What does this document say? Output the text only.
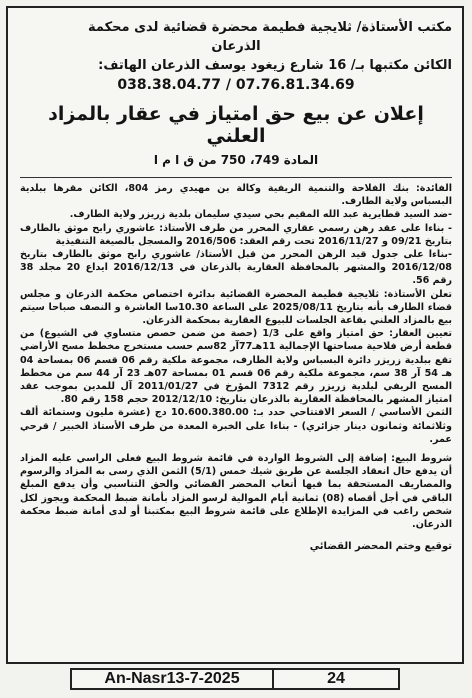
مكتب الأستاذة/ ثلايجية فطيمة محضرة قضائية لدى محكمة
الذرعان
الكائن مكتبها بـ/ 16 شارع زيغود يوسف الذرعان الهاتف:
038.38.04.77 / 07.76.81.34.69
إعلان عن بيع حق امتياز في عقار بالمزاد العلني
المادة 749، 750 من ق ا م ا

الفائدة: بنك الفلاحة والتنمية الريفية وكالة بن مهيدي رمز 804، الكائن مقرها ببلدية البسباس ولاية الطارف.

-ضد السيد قطايرية عبد الله المقيم بحي سيدي سليمان بلدية زريزر ولاية الطارف.

- بناءا على عقد رهن رسمي عقاري المحرر من طرف الأستاذ: عاشوري رابح موثق بالطارف بتاريخ 09/21 و 2016/11/27 تحت رقم العقد: 2016/506 والمسجل بالصيغة التنفيذية

-بناءا على جدول قيد الرهن المحرر من قبل الأستاذ/ عاشوري رابح موثق بالطارف بتاريخ 2016/12/08 والمشهر بالمحافظة العقارية بالذرعان في 2016/12/13 ايداع 20 مجلد 38 رقم 56.

تعلن الأستاذة: ثلايجية فطيمة المحضرة القضائية بدائرة اختصاص محكمة الذرعان و مجلس قضاء الطارف بأنه بتاريخ 2025/08/11 على الساعة 10.30سا العاشرة و النصف صباحا سيتم بيع بالمزاد العلني بقاعة الجلسات للبيوع العقارية بمحكمة الذرعان.

تعيين العقار: حق امتياز واقع على 1/3 (حصة من ضمن حصص متساوي في الشيوع) من قطعة أرض فلاحية مساحتها الإجمالية 11هـ77آر 82سم حسب مستخرج مخطط مسح الأراضي تقع ببلدية زريزر دائرة البسباس ولاية الطارف، مجموعة ملكية رقم 06 قسم 06 بمساحة 04 هـ 54 آر 38 سم، مجموعة ملكية رقم 06 قسم 01 بمساحة 07هـ 23 آر 44 سم من مخطط المسح الريفي لبلدية زريزر رقم 7312 المؤرخ في 2011/01/27 آل للمدين بموجب عقد امتياز المشهر بالمحافظة العقارية بالذرعان بتاريخ: 2012/12/10 حجم 158 رقم 80.

الثمن الأساسي / السعر الافتتاحي حدد بـ: 10.600.380.00 دج (عشرة مليون وستمائة ألف وثلاثمائة وثمانون دينار جزائري) - بناءا على الخبرة المعدة من طرف الأستاذ الخبير / قرحي عمر.

شروط البيع: إضافة إلى الشروط الواردة في قائمة شروط البيع فعلى الراسي عليه المزاد أن يدفع حال انعقاد الجلسة عن طريق شيك خمس (5/1) الثمن الذي رسى به المزاد والرسوم والمصاريف المستحقة بما فيها أتعاب المحضر القضائي والحق التناسبي وأن يدفع المبلغ الباقي في أجل أقصاه (08) ثمانية أيام الموالية لرسو المزاد بأمانة ضبط المحكمة ويجوز لكل شخص راغب في المزايدة الإطلاع على قائمة شروط البيع بمكتبنا أو لدى أمانة ضبط محكمة الذرعان.

توقيع وختم المحضر القضائي
An-Nasr13-7-2025	24
